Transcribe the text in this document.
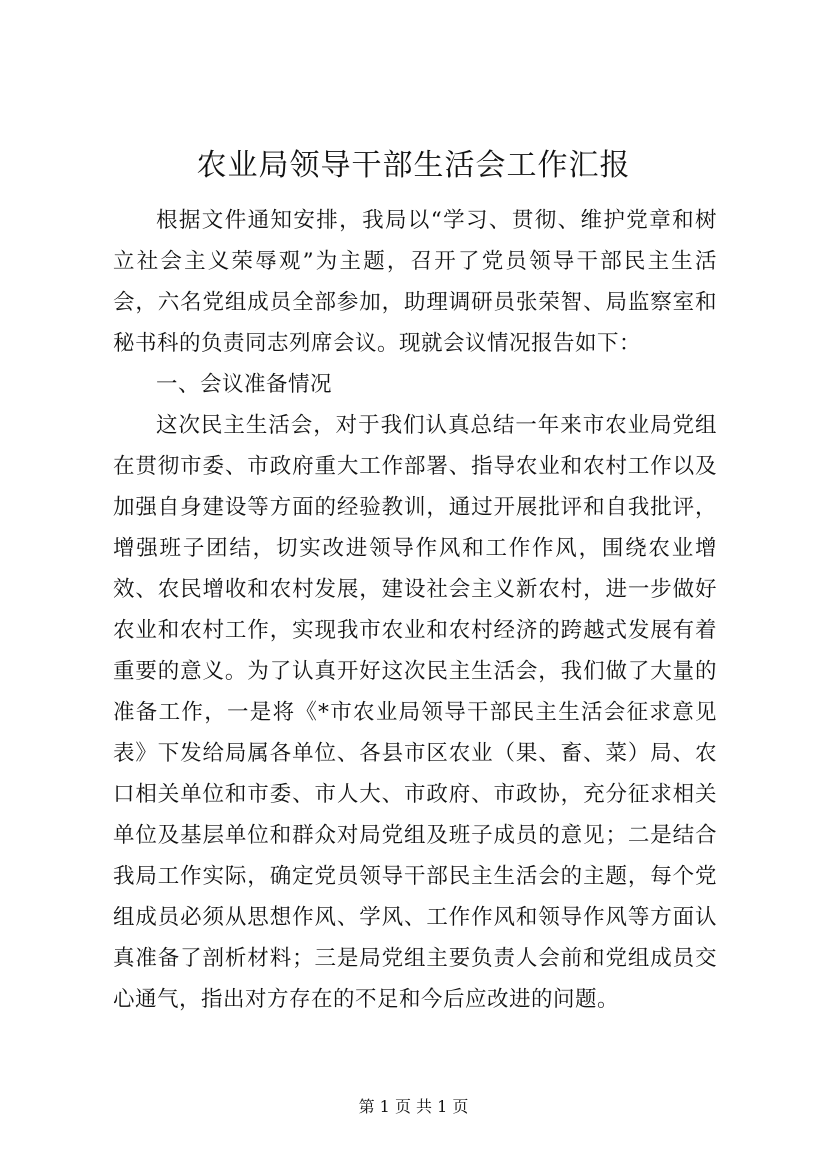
农业局领导干部生活会工作汇报

根据文件通知安排，我局以“学习、贯彻、维护党章和树立社会主义荣辱观”为主题，召开了党员领导干部民主生活会，六名党组成员全部参加，助理调研员张荣智、局监察室和秘书科的负责同志列席会议。现就会议情况报告如下：

一、会议准备情况

这次民主生活会，对于我们认真总结一年来市农业局党组在贯彻市委、市政府重大工作部署、指导农业和农村工作以及加强自身建设等方面的经验教训，通过开展批评和自我批评，增强班子团结，切实改进领导作风和工作作风，围绕农业增效、农民增收和农村发展，建设社会主义新农村，进一步做好农业和农村工作，实现我市农业和农村经济的跨越式发展有着重要的意义。为了认真开好这次民主生活会，我们做了大量的准备工作，一是将《*市农业局领导干部民主生活会征求意见表》下发给局属各单位、各县市区农业（果、畜、菜）局、农口相关单位和市委、市人大、市政府、市政协，充分征求相关单位及基层单位和群众对局党组及班子成员的意见；二是结合我局工作实际，确定党员领导干部民主生活会的主题，每个党组成员必须从思想作风、学风、工作作风和领导作风等方面认真准备了剖析材料；三是局党组主要负责人会前和党组成员交心通气，指出对方存在的不足和今后应改进的问题。

第 1 页 共 1 页
